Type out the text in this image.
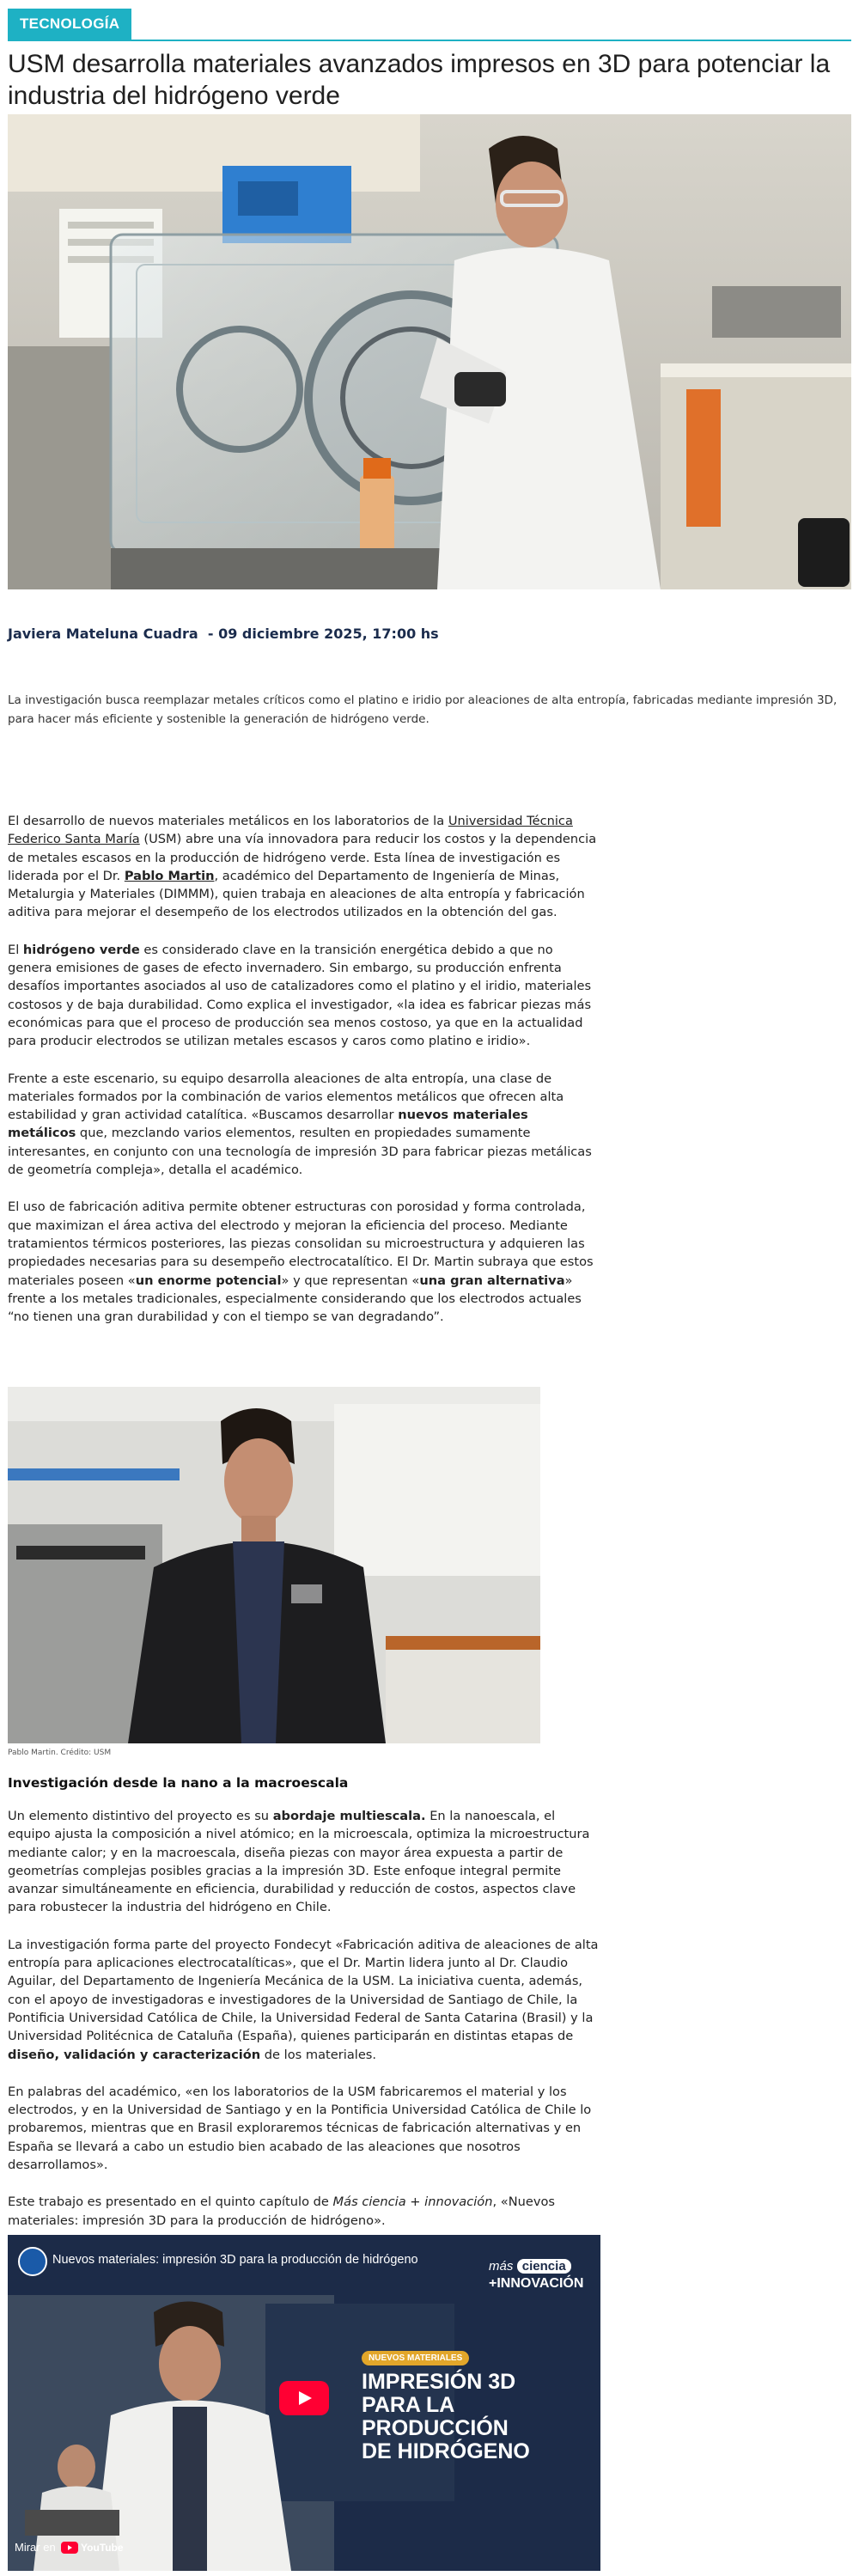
TECNOLOGÍA
USM desarrolla materiales avanzados impresos en 3D para potenciar la industria del hidrógeno verde
Javiera Mateluna Cuadra  - 09 diciembre 2025, 17:00 hs

La investigación busca reemplazar metales críticos como el platino e iridio por aleaciones de alta entropía, fabricadas mediante impresión 3D, para hacer más eficiente y sostenible la generación de hidrógeno verde.

El desarrollo de nuevos materiales metálicos en los laboratorios de la Universidad Técnica Federico Santa María (USM) abre una vía innovadora para reducir los costos y la dependencia de metales escasos en la producción de hidrógeno verde. Esta línea de investigación es liderada por el Dr. Pablo Martin, académico del Departamento de Ingeniería de Minas, Metalurgia y Materiales (DIMMM), quien trabaja en aleaciones de alta entropía y fabricación aditiva para mejorar el desempeño de los electrodos utilizados en la obtención del gas.

El hidrógeno verde es considerado clave en la transición energética debido a que no genera emisiones de gases de efecto invernadero. Sin embargo, su producción enfrenta desafíos importantes asociados al uso de catalizadores como el platino y el iridio, materiales costosos y de baja durabilidad. Como explica el investigador, «la idea es fabricar piezas más económicas para que el proceso de producción sea menos costoso, ya que en la actualidad para producir electrodos se utilizan metales escasos y caros como platino e iridio».

Frente a este escenario, su equipo desarrolla aleaciones de alta entropía, una clase de materiales formados por la combinación de varios elementos metálicos que ofrecen alta estabilidad y gran actividad catalítica. «Buscamos desarrollar nuevos materiales metálicos que, mezclando varios elementos, resulten en propiedades sumamente interesantes, en conjunto con una tecnología de impresión 3D para fabricar piezas metálicas de geometría compleja», detalla el académico.

El uso de fabricación aditiva permite obtener estructuras con porosidad y forma controlada, que maximizan el área activa del electrodo y mejoran la eficiencia del proceso. Mediante tratamientos térmicos posteriores, las piezas consolidan su microestructura y adquieren las propiedades necesarias para su desempeño electrocatalítico. El Dr. Martin subraya que estos materiales poseen «un enorme potencial» y que representan «una gran alternativa» frente a los metales tradicionales, especialmente considerando que los electrodos actuales “no tienen una gran durabilidad y con el tiempo se van degradando”.

Pablo Martin. Crédito: USM
Investigación desde la nano a la macroescala

Un elemento distintivo del proyecto es su abordaje multiescala. En la nanoescala, el equipo ajusta la composición a nivel atómico; en la microescala, optimiza la microestructura mediante calor; y en la macroescala, diseña piezas con mayor área expuesta a partir de geometrías complejas posibles gracias a la impresión 3D. Este enfoque integral permite avanzar simultáneamente en eficiencia, durabilidad y reducción de costos, aspectos clave para robustecer la industria del hidrógeno en Chile.

La investigación forma parte del proyecto Fondecyt «Fabricación aditiva de aleaciones de alta entropía para aplicaciones electrocatalíticas», que el Dr. Martin lidera junto al Dr. Claudio Aguilar, del Departamento de Ingeniería Mecánica de la USM. La iniciativa cuenta, además, con el apoyo de investigadoras e investigadores de la Universidad de Santiago de Chile, la Pontificia Universidad Católica de Chile, la Universidad Federal de Santa Catarina (Brasil) y la Universidad Politécnica de Cataluña (España), quienes participarán en distintas etapas de diseño, validación y caracterización de los materiales.

En palabras del académico, «en los laboratorios de la USM fabricaremos el material y los electrodos, y en la Universidad de Santiago y en la Pontificia Universidad Católica de Chile lo probaremos, mientras que en Brasil exploraremos técnicas de fabricación alternativas y en España se llevará a cabo un estudio bien acabado de las aleaciones que nosotros desarrollamos».

Este trabajo es presentado en el quinto capítulo de Más ciencia + innovación, «Nuevos materiales: impresión 3D para la producción de hidrógeno».

Nuevos materiales: impresión 3D para la producción de hidrógeno	más ciencia
+INNOVACIÓN
NUEVOS MATERIALES
IMPRESIÓN 3D
PARA LA
PRODUCCIÓN
DE HIDRÓGENO
Mirar en YouTube
